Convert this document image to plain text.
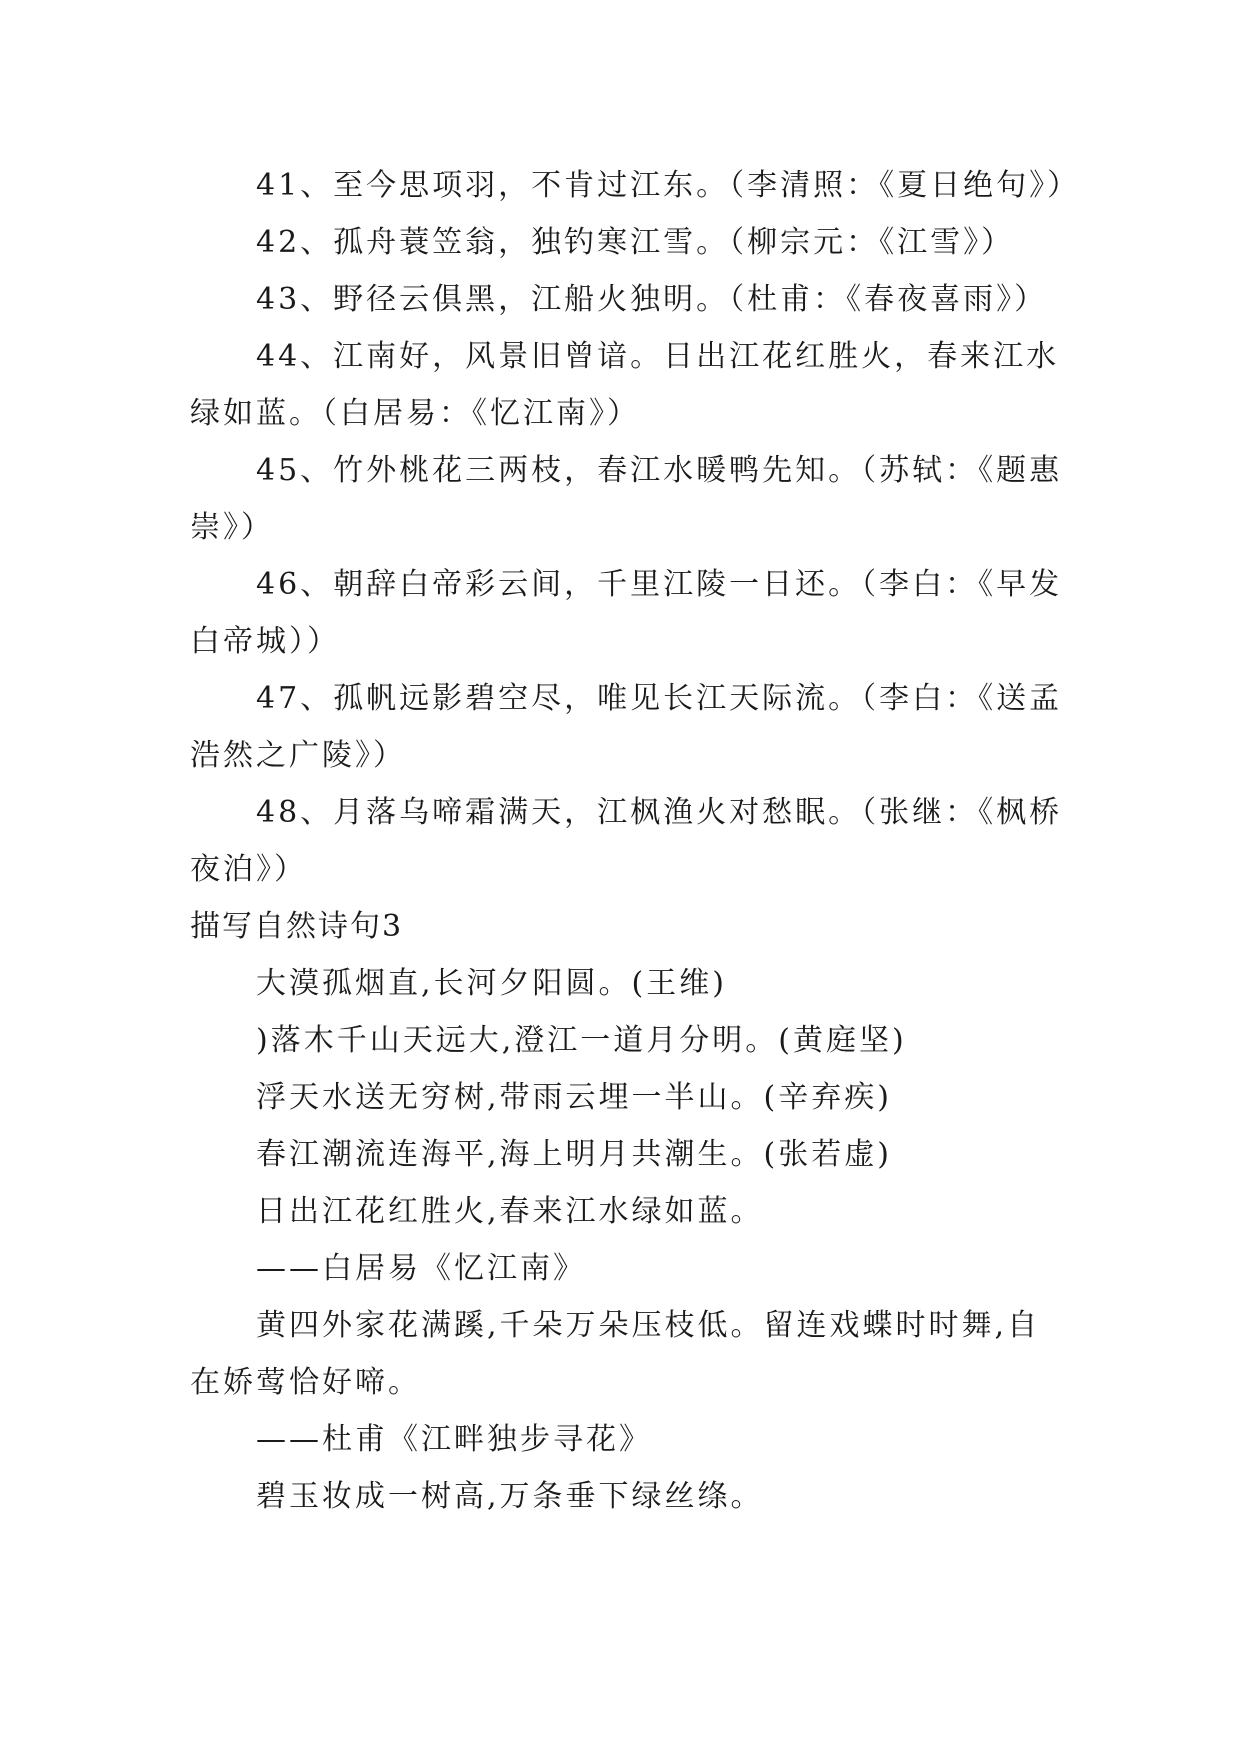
41、至今思项羽，不肯过江东。（李清照：《夏日绝句》）
42、孤舟蓑笠翁，独钓寒江雪。（柳宗元：《江雪》）
43、野径云俱黑，江船火独明。（杜甫：《春夜喜雨》）
44、江南好，风景旧曾谙。日出江花红胜火，春来江水
绿如蓝。（白居易：《忆江南》）
45、竹外桃花三两枝，春江水暖鸭先知。（苏轼：《题惠
崇》）
46、朝辞白帝彩云间，千里江陵一日还。（李白：《早发
白帝城））
47、孤帆远影碧空尽，唯见长江天际流。（李白：《送孟
浩然之广陵》）
48、月落乌啼霜满天，江枫渔火对愁眠。（张继：《枫桥
夜泊》）
描写自然诗句3
大漠孤烟直,长河夕阳圆。(王维)
)落木千山天远大,澄江一道月分明。(黄庭坚)
浮天水送无穷树,带雨云埋一半山。(辛弃疾)
春江潮流连海平,海上明月共潮生。(张若虚)
日出江花红胜火,春来江水绿如蓝。
——白居易《忆江南》
黄四外家花满蹊,千朵万朵压枝低。留连戏蝶时时舞,自
在娇莺恰好啼。
——杜甫《江畔独步寻花》
碧玉妆成一树高,万条垂下绿丝绦。
